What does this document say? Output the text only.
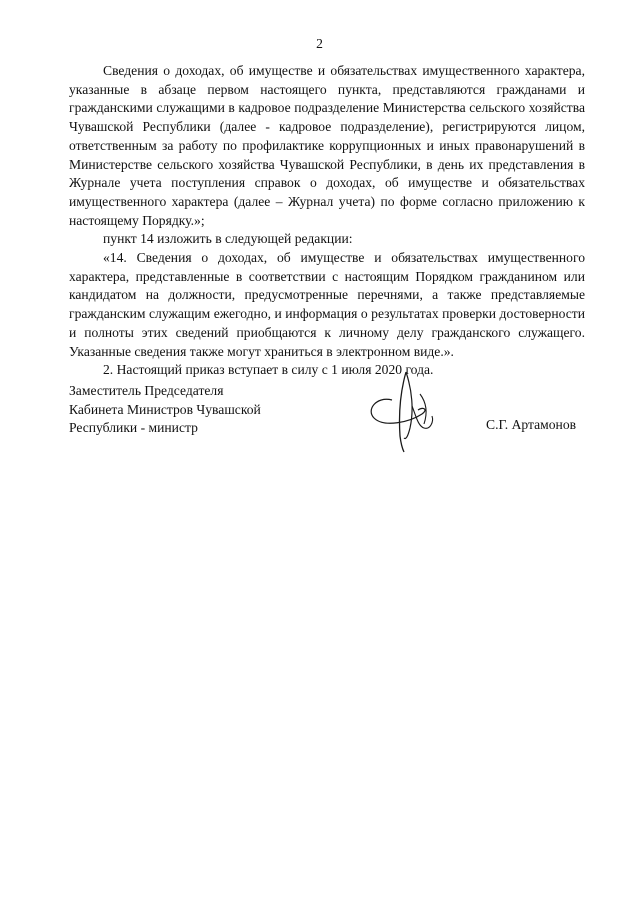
2

Сведения о доходах, об имуществе и обязательствах имущественного характера, указанные в абзаце первом настоящего пункта, представляются гражданами и гражданскими служащими в кадровое подразделение Министерства сельского хозяйства Чувашской Республики (далее - кадровое подразделение), регистрируются лицом, ответственным за работу по профилактике коррупционных и иных правонарушений в Министерстве сельского хозяйства Чувашской Республики, в день их представления в Журнале учета поступления справок о доходах, об имуществе и обязательствах имущественного характера (далее – Журнал учета) по форме согласно приложению к настоящему Порядку.»;

пункт 14 изложить в следующей редакции:

«14. Сведения о доходах, об имуществе и обязательствах имущественного характера, представленные в соответствии с настоящим Порядком гражданином или кандидатом на должности, предусмотренные перечнями, а также представляемые гражданским служащим ежегодно, и информация о результатах проверки достоверности и полноты этих сведений приобщаются к личному делу гражданского служащего. Указанные сведения также могут храниться в электронном виде.».

2. Настоящий приказ вступает в силу с 1 июля 2020 года.

Заместитель Председателя
Кабинета Министров Чувашской
Республики - министр	С.Г. Артамонов
